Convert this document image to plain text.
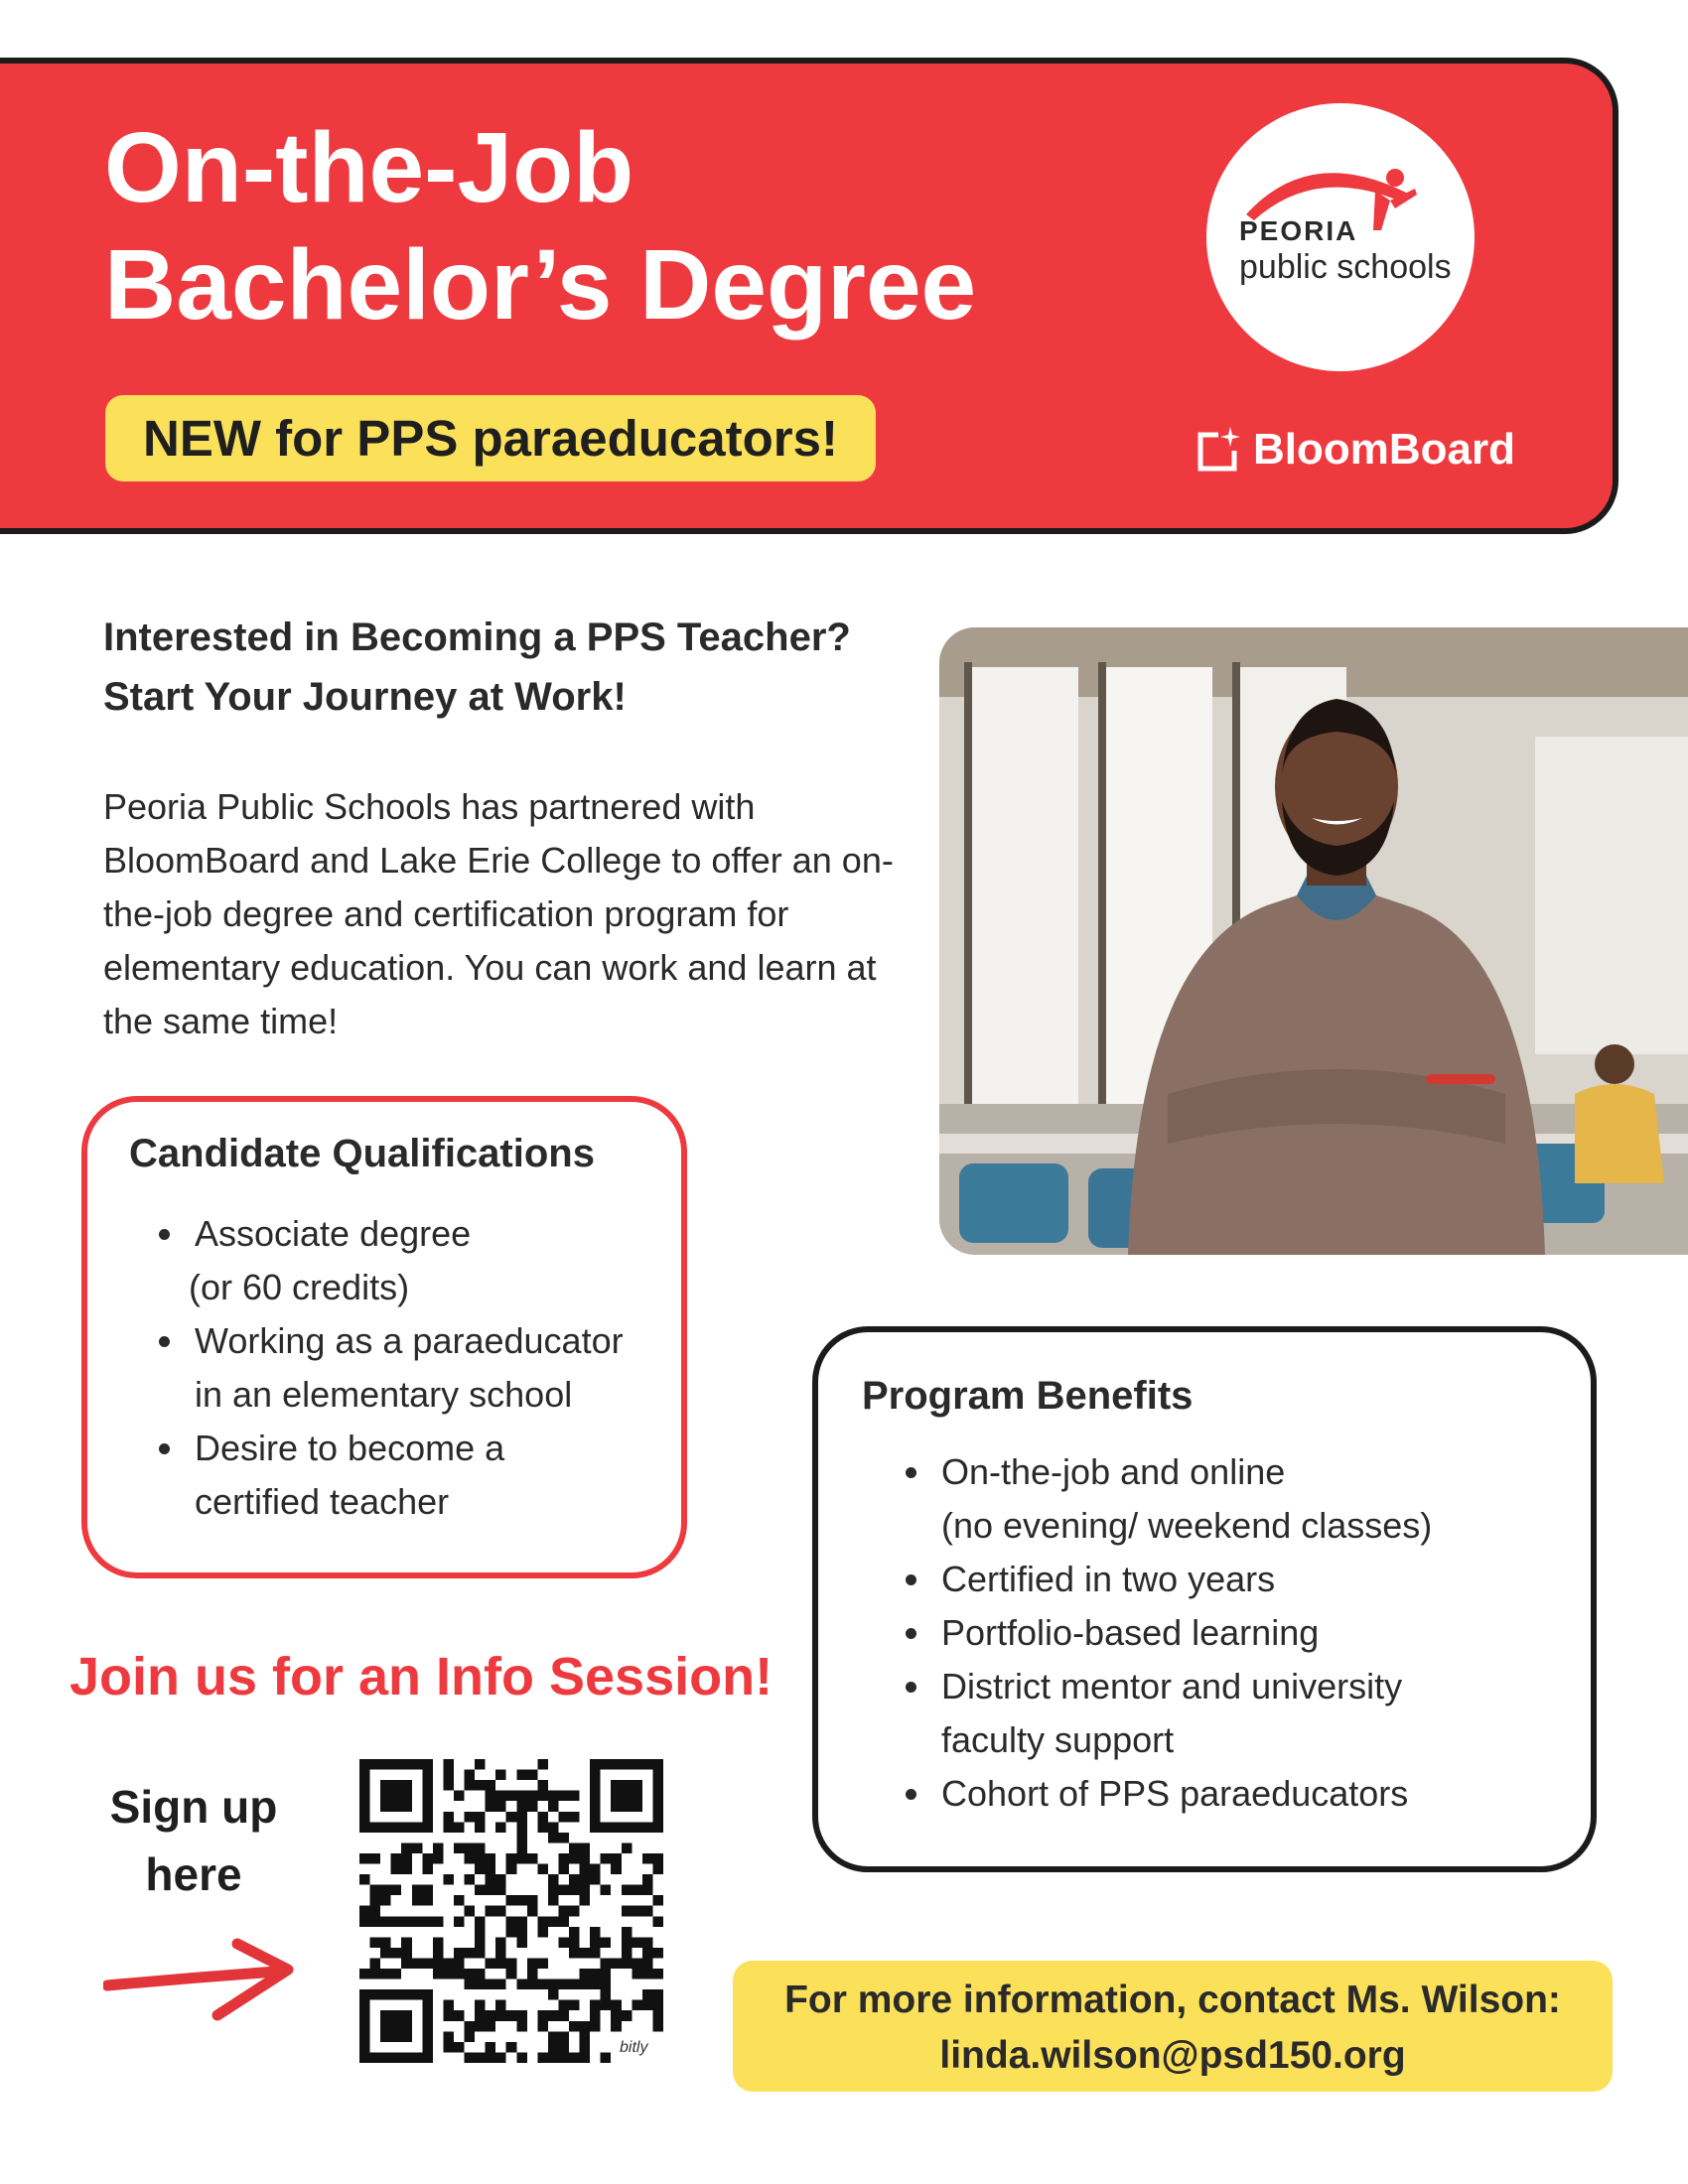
On-the-Job
Bachelor’s Degree
NEW for PPS paraeducators!
PEORIA
public schools
BloomBoard
Interested in Becoming a PPS Teacher?
Start Your Journey at Work!

Peoria Public Schools has partnered with BloomBoard and Lake Erie College to offer an on-the-job degree and certification program for elementary education. You can work and learn at the same time!

Candidate Qualifications
Associate degree
(or 60 credits)
Working as a paraeducator
in an elementary school
Desire to become a
certified teacher
Program Benefits
On-the-job and online
(no evening/ weekend classes)
Certified in two years
Portfolio-based learning
District mentor and university
faculty support
Cohort of PPS paraeducators
Join us for an Info Session!
Sign up
here
bitly
For more information, contact Ms. Wilson:
linda.wilson@psd150.org
